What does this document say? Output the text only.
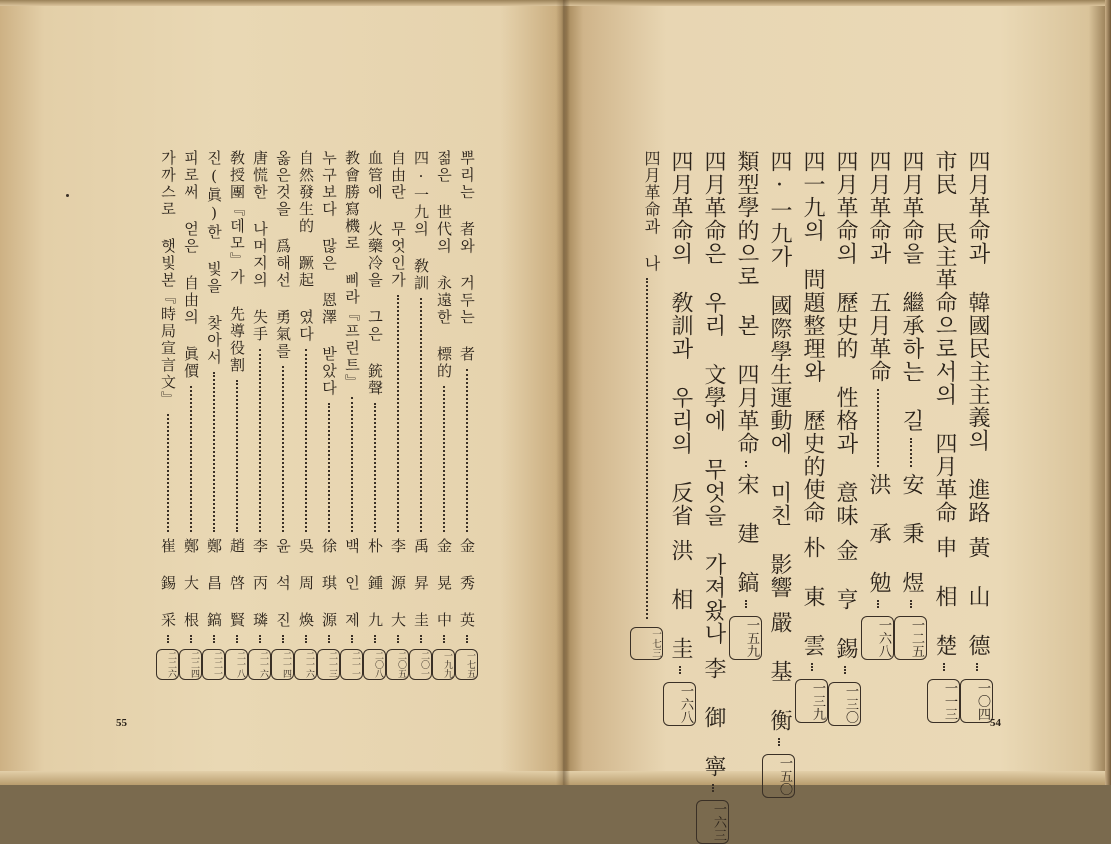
뿌리는 者와 거두는 者
金 秀 英
一七五
젊은 世代의 永遠한 標的
金 晃 中
一九九
四·一九의 敎訓
禹 昇 圭
二〇一
自由란 무엇인가
李 源 大
二〇五
血管에 火藥冷을 그은 銃聲
朴 鍾 九
二〇八
教會勝寫機로 삐라『프린트』
백 인 제
二一一
누구보다 많은 恩澤 받았다
徐 琪 源
二一三
自然發生的 蹶起 였다
吳 周 煥
二一六
옳은것을 爲해선 勇氣를
윤 석 진
二一四
唐慌한 나머지의 失手
李 丙 璘
二一六
敎授團『데모』가 先導役割
趙 啓 賢
二一八
진(眞)한 빛을 찾아서
鄭 昌 鎬
二二一
피로써 얻은 自由의 眞價
鄭 大 根
二二四
가까스로 햇빛본『時局宣言文』
崔 錫 采
二二六
55
四月革命과 韓國民主主義의 進路
黃 山 德
一〇四
市民 民主革命으로서의 四月革命
申 相 楚
一一三
四月革命을 繼承하는 길
安 秉 煜
一二五
四月革命과 五月革命
洪 承 勉
一六八
四月革命의 歷史的 性格과 意味
金 亨 錫
一三〇
四一九의 問題整理와 歷史的使命
朴 東 雲
一三九
四·一九가 國際學生運動에 미친 影響
嚴 基 衡
一五〇
類型學的으로 본 四月革命
宋 建 鎬
一五九
四月革命은 우리 文學에 무엇을 가져왔나
李 御 寧
一六三
四月革命의 敎訓과 우리의 反省
洪 相 圭
一六八
四月革命과 나
一七三
54
